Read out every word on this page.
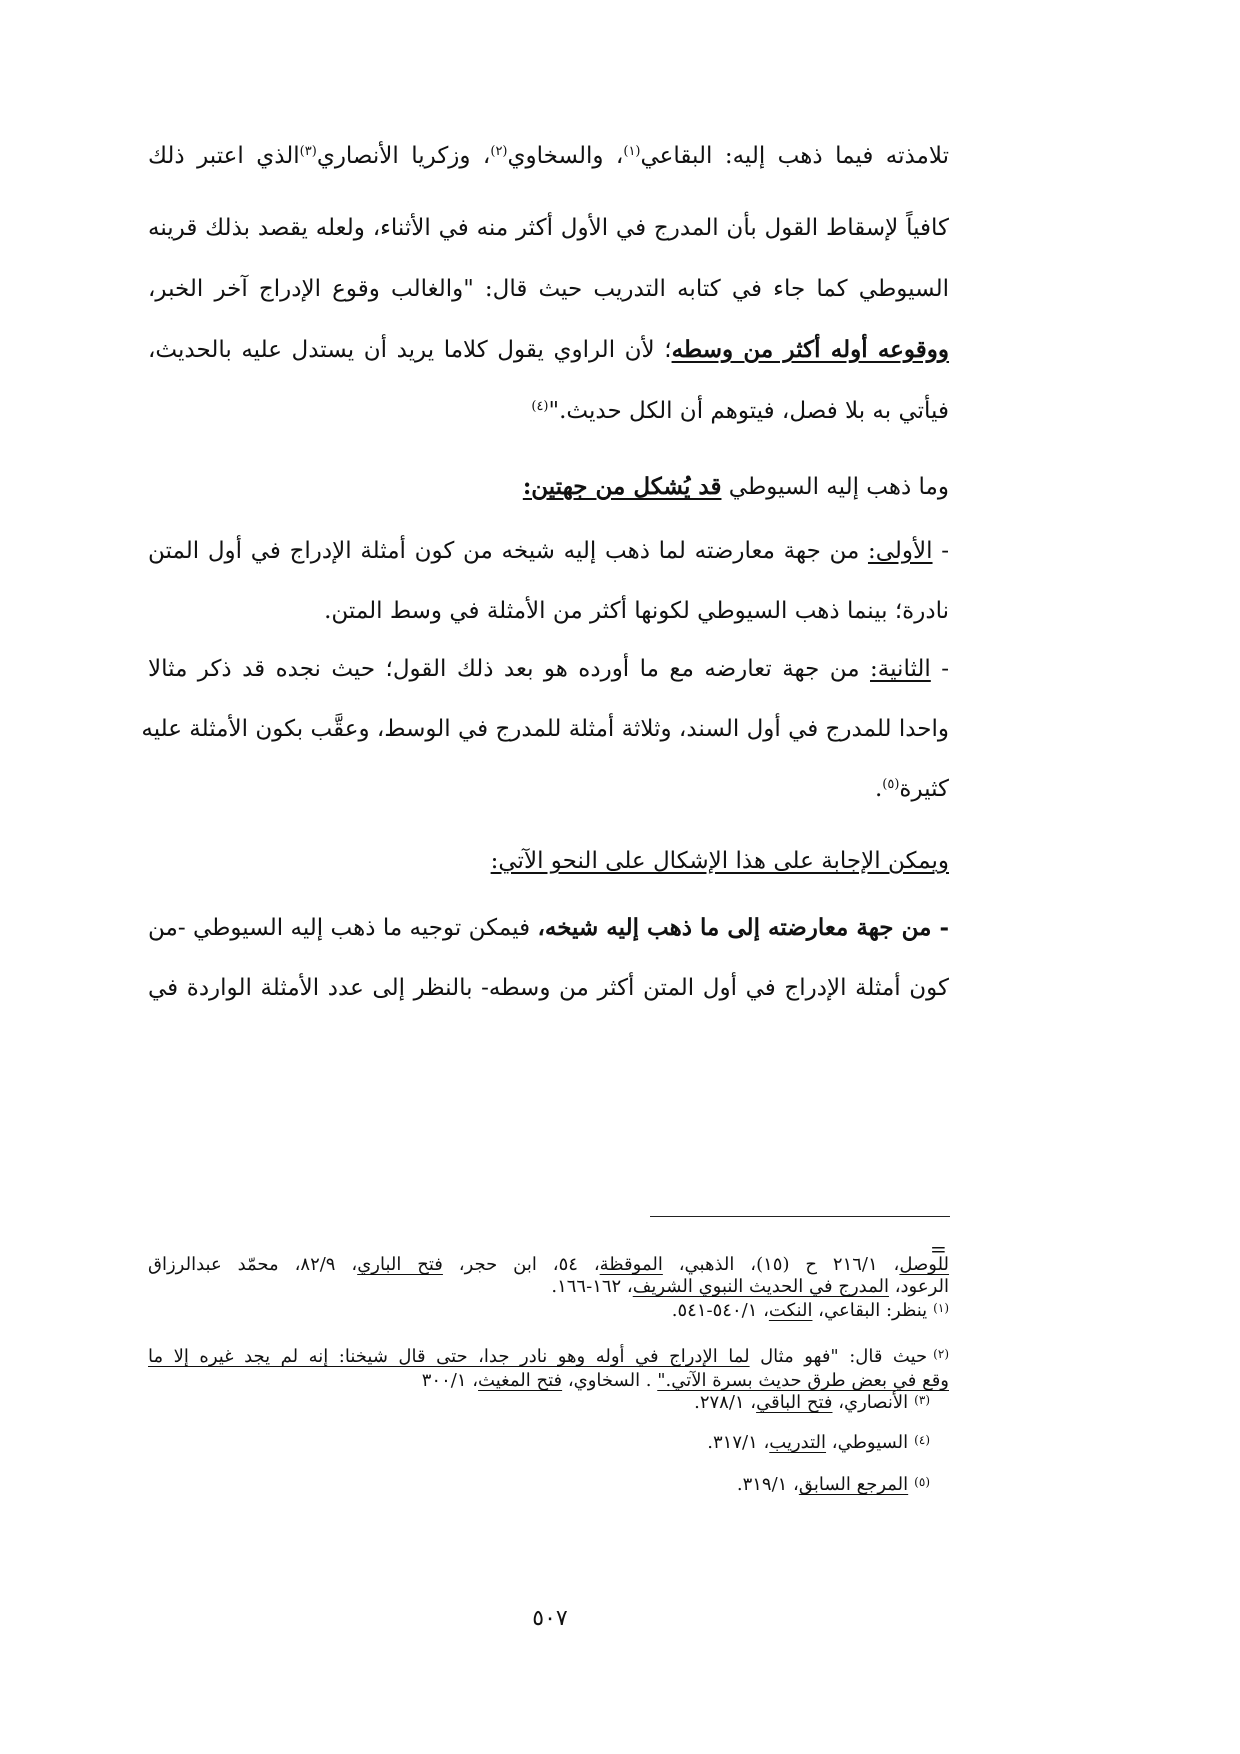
تلامذته فيما ذهب إليه: البقاعي$^{(١)}$، والسخاوي$^{(٢)}$، وزكريا الأنصاري$^{(٣)}$الذي اعتبر ذلك
كافياً لإسقاط القول بأن المدرج في الأول أكثر منه في الأثناء، ولعله يقصد بذلك قرينه
السيوطي كما جاء في كتابه التدريب حيث قال: "والغالب وقوع الإدراج آخر الخبر،
ووقوعه أوله أكثر من وسطه؛ لأن الراوي يقول كلاما يريد أن يستدل عليه بالحديث،
فيأتي به بلا فصل، فيتوهم أن الكل حديث."$^{(٤)}$
وما ذهب إليه السيوطي قد يُشكل من جهتين:
- الأولى: من جهة معارضته لما ذهب إليه شيخه من كون أمثلة الإدراج في أول المتن
نادرة؛ بينما ذهب السيوطي لكونها أكثر من الأمثلة في وسط المتن.
- الثانية: من جهة تعارضه مع ما أورده هو بعد ذلك القول؛ حيث نجده قد ذكر مثالا
واحدا للمدرج في أول السند، وثلاثة أمثلة للمدرج في الوسط، وعقَّب بكون الأمثلة عليه
كثيرة$^{(٥)}$.
ويمكن الإجابة على هذا الإشكال على النحو الآتي:
- من جهة معارضته إلى ما ذهب إليه شيخه، فيمكن توجيه ما ذهب إليه السيوطي -من
كون أمثلة الإدراج في أول المتن أكثر من وسطه- بالنظر إلى عدد الأمثلة الواردة في
=
للوصل، ٢١٦/١ ح (١٥)، الذهبي، الموقظة، ٥٤، ابن حجر، فتح الباري، ٨٢/٩، محمّد عبدالرزاق
الرعود، المدرج في الحديث النبوي الشريف، ١٦٢-١٦٦.
$^{(١)}$ينظر: البقاعي، النكت، ٥٤٠/١-٥٤١.
$^{(٢)}$حيث قال: "فهو مثال لما الإدراج في أوله وهو نادر جدا، حتى قال شيخنا: إنه لم يجد غيره إلا ما
وقع في بعض طرق حديث بسرة الآتي." . السخاوي، فتح المغيث، ٣٠٠/١
$^{(٣)}$الأنصاري، فتح الباقي، ٢٧٨/١.
$^{(٤)}$السيوطي، التدريب، ٣١٧/١.
$^{(٥)}$المرجع السابق، ٣١٩/١.
٥٠٧
